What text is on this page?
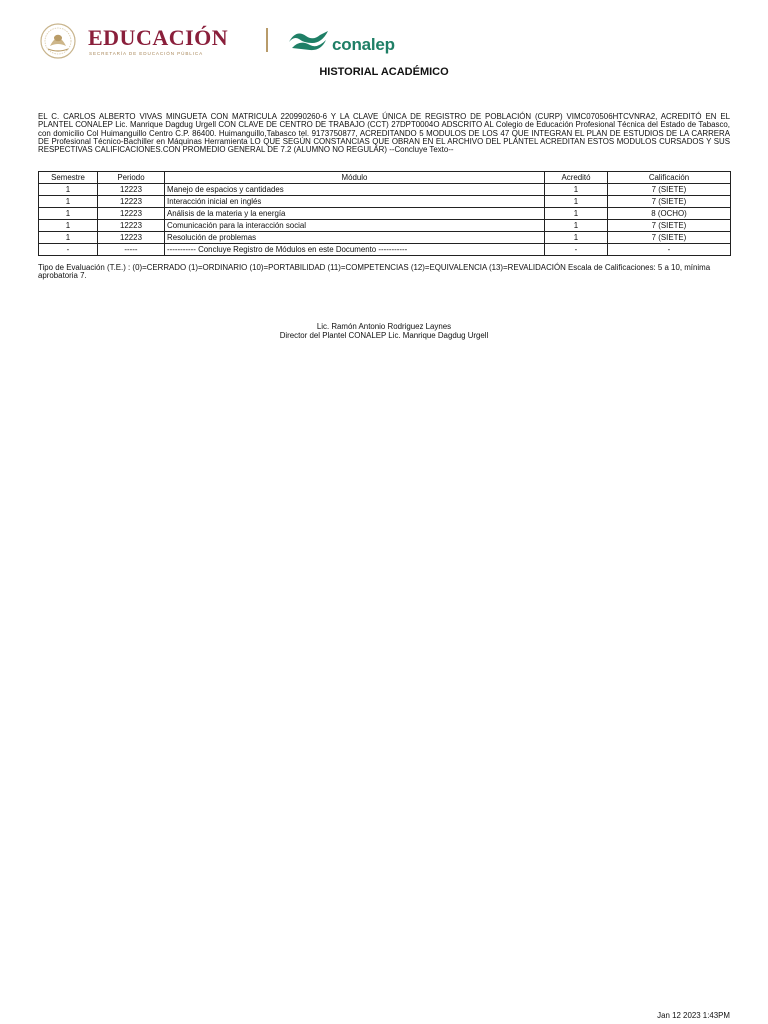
EDUCACIÓN
SECRETARÍA DE EDUCACIÓN PÚBLICA	conalep
HISTORIAL ACADÉMICO

EL C. CARLOS ALBERTO VIVAS MINGUETA CON MATRICULA 220990260-6 Y LA CLAVE ÚNICA DE REGISTRO DE POBLACIÓN (CURP) VIMC070506HTCVNRA2, ACREDITÓ EN EL PLANTEL CONALEP Lic. Manrique Dagdug Urgell CON CLAVE DE CENTRO DE TRABAJO (CCT) 27DPT0004O ADSCRITO AL Colegio de Educación Profesional Técnica del Estado de Tabasco, con domicilio Col Huimanguillo Centro C.P. 86400. Huimanguillo,Tabasco tel. 9173750877, ACREDITANDO 5 MODULOS DE LOS 47 QUE INTEGRAN EL PLAN DE ESTUDIOS DE LA CARRERA DE Profesional Técnico-Bachiller en Máquinas Herramienta LO QUE SEGÚN CONSTANCIAS QUE OBRAN EN EL ARCHIVO DEL PLANTEL ACREDITAN ESTOS MODULOS CURSADOS Y SUS RESPECTIVAS CALIFICACIONES.CON PROMEDIO GENERAL DE 7.2 (ALUMNO NO REGULAR) --Concluye Texto--

Semestre	Periodo	Módulo	Acreditó	Calificación
1	12223	Manejo de espacios y cantidades	1	7 (SIETE)
1	12223	Interacción inicial en inglés	1	7 (SIETE)
1	12223	Análisis de la materia y la energía	1	8 (OCHO)
1	12223	Comunicación para la interacción social	1	7 (SIETE)
1	12223	Resolución de problemas	1	7 (SIETE)
-	-----	----------- Concluye Registro de Módulos en este Documento -----------	-	-

Tipo de Evaluación (T.E.) : (0)=CERRADO (1)=ORDINARIO (10)=PORTABILIDAD (11)=COMPETENCIAS (12)=EQUIVALENCIA (13)=REVALIDACIÓN Escala de Calificaciones: 5 a 10, mínima aprobatoria 7.

Lic. Ramón Antonio Rodriguez Laynes
Director del Plantel CONALEP Lic. Manrique Dagdug Urgell
Jan 12 2023 1:43PM
